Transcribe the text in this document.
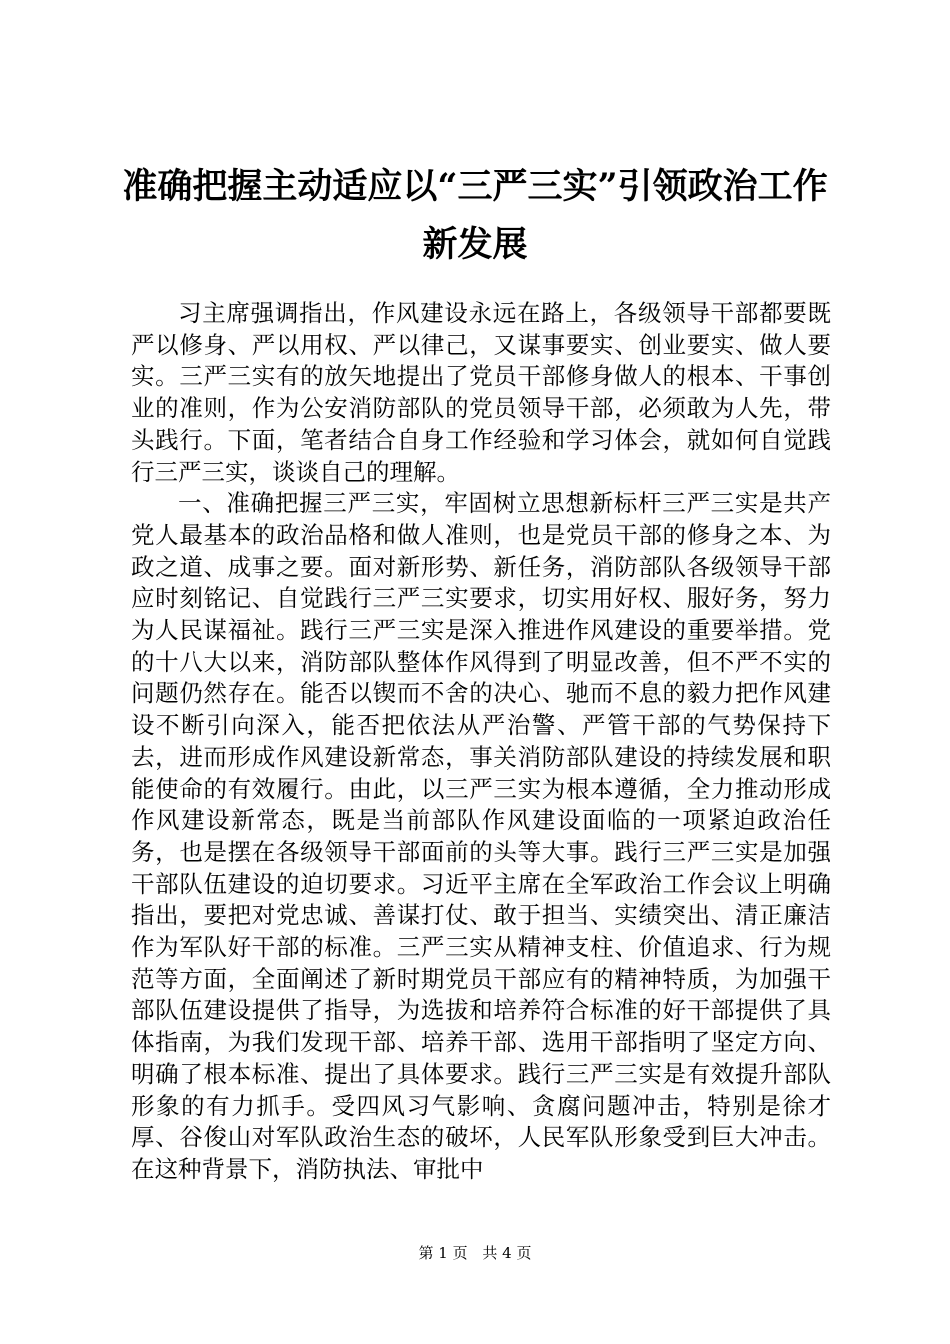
准确把握主动适应以“三严三实”引领政治工作新发展

习主席强调指出，作风建设永远在路上，各级领导干部都要既严以修身、严以用权、严以律己，又谋事要实、创业要实、做人要实。三严三实有的放矢地提出了党员干部修身做人的根本、干事创业的准则，作为公安消防部队的党员领导干部，必须敢为人先，带头践行。下面，笔者结合自身工作经验和学习体会，就如何自觉践行三严三实，谈谈自己的理解。

一、准确把握三严三实，牢固树立思想新标杆三严三实是共产党人最基本的政治品格和做人准则，也是党员干部的修身之本、为政之道、成事之要。面对新形势、新任务，消防部队各级领导干部应时刻铭记、自觉践行三严三实要求，切实用好权、服好务，努力为人民谋福祉。践行三严三实是深入推进作风建设的重要举措。党的十八大以来，消防部队整体作风得到了明显改善，但不严不实的问题仍然存在。能否以锲而不舍的决心、驰而不息的毅力把作风建设不断引向深入，能否把依法从严治警、严管干部的气势保持下去，进而形成作风建设新常态，事关消防部队建设的持续发展和职能使命的有效履行。由此，以三严三实为根本遵循，全力推动形成作风建设新常态，既是当前部队作风建设面临的一项紧迫政治任务，也是摆在各级领导干部面前的头等大事。践行三严三实是加强干部队伍建设的迫切要求。习近平主席在全军政治工作会议上明确指出，要把对党忠诚、善谋打仗、敢于担当、实绩突出、清正廉洁作为军队好干部的标准。三严三实从精神支柱、价值追求、行为规范等方面，全面阐述了新时期党员干部应有的精神特质，为加强干部队伍建设提供了指导，为选拔和培养符合标准的好干部提供了具体指南，为我们发现干部、培养干部、选用干部指明了坚定方向、明确了根本标准、提出了具体要求。践行三严三实是有效提升部队形象的有力抓手。受四风习气影响、贪腐问题冲击，特别是徐才厚、谷俊山对军队政治生态的破坏，人民军队形象受到巨大冲击。在这种背景下，消防执法、审批中

第 1 页 共 4 页
